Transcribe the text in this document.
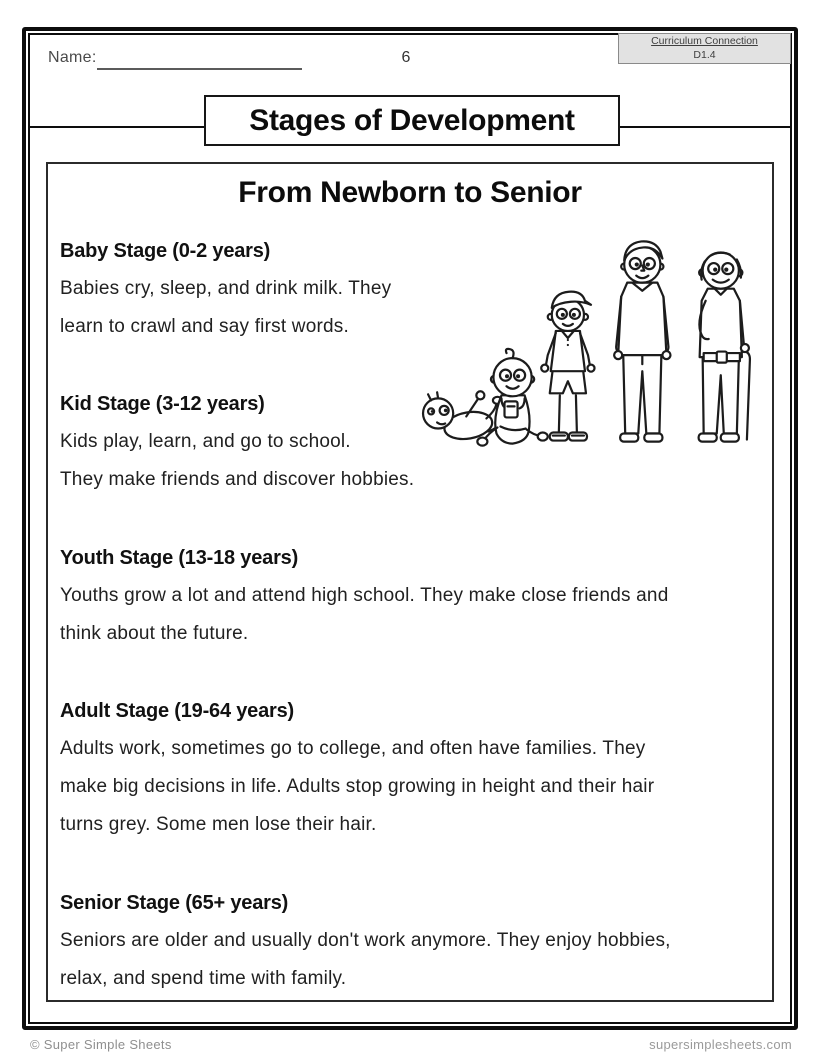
Name:	6
Curriculum Connection
D1.4
Stages of Development
From Newborn to Senior
Baby Stage (0-2 years)
Babies cry, sleep, and drink milk. They
learn to crawl and say first words.
Kid Stage (3-12 years)
Kids play, learn, and go to school.
They make friends and discover hobbies.
Youth Stage (13-18 years)
Youths grow a lot and attend high school. They make close friends and
think about the future.
Adult Stage (19-64 years)
Adults work, sometimes go to college, and often have families. They
make big decisions in life. Adults stop growing in height and their hair
turns grey. Some men lose their hair.
Senior Stage (65+ years)
Seniors are older and usually don't work anymore. They enjoy hobbies,
relax, and spend time with family.
© Super Simple Sheets	supersimplesheets.com
